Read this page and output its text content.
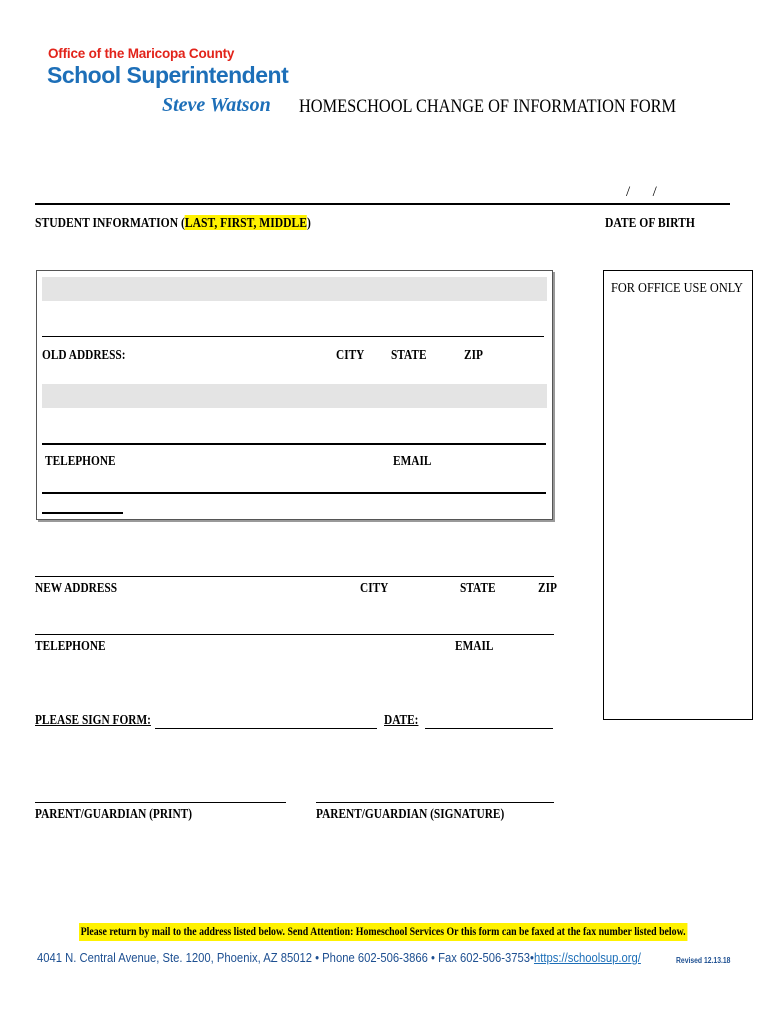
Office of the Maricopa County
School Superintendent
Steve Watson HOMESCHOOL CHANGE OF INFORMATION FORM
/      /
STUDENT INFORMATION (LAST, FIRST, MIDDLE)	DATE OF BIRTH
FOR OFFICE USE ONLY
OLD ADDRESS:	CITY STATE	ZIP
TELEPHONE	EMAIL
NEW ADDRESS	CITY	STATE	ZIP
TELEPHONE	EMAIL
PLEASE SIGN FORM:	DATE:
PARENT/GUARDIAN (PRINT)	PARENT/GUARDIAN (SIGNATURE)
Please return by mail to the address listed below. Send Attention: Homeschool Services Or this form can be faxed at the fax number listed below.
4041 N. Central Avenue, Ste. 1200, Phoenix, AZ 85012 • Phone 602-506-3866 • Fax 602-506-3753•https://schoolsup.org/	Revised 12.13.18
